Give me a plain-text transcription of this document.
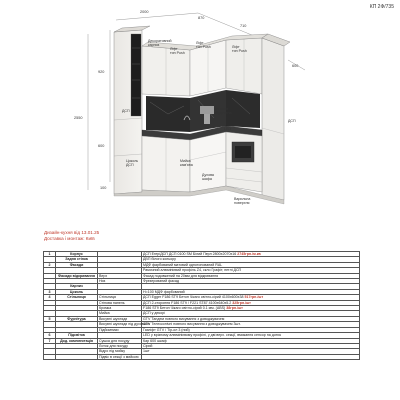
КП 2Ф/735
2000
870
710
600
2550
920
600
100
Декоративний
карниз
Ліфт
тип Push
Ліфт
тип Push	Ліфт
тип Push
ДСП
ДСП
Витяжка
вбудована
LED
Мийка
кам'яна
Духова
шафа
Варильна
поверхня
Цоколь
ДСП
Дизайн-кухня від 13.01.25
Доставка і монтаж: Київ
1	Корпус		ДСП Егер/ДСП ДСП 0100 SM Білий Перл 2800х2070х16 2745грн./м.кв
	Задня стінка		ДВП білого кольору
2	Фасади		МДФ фарбований матовий однотонований RAL
			Рамочний алюмінієвий профіль Z4, скло Графіт, петлі ДСП
	Фасади відкривання	Верх	Фасад подовжений на 20мм для відкривання
		Низ	Фрезерований фасад
	Карниз		
3	Цоколь		Н=100 МДФ фарбований
4	Стільниця	Стільниця	ДСП Egger F186 ST9 Бетон Чікаго світло-сірий 4100х600х38 517грн./шт
		Стінова панель	ДСП 2-стороння F186 ST9 / F221 ST87 4100х640х5.2 325грн./шт
		Кромка	F186 ST9 Бетон Чікаго світло-сірий 0.1 мм. (ABS) 38грн./шт
		Мийка	ДСП у декорі
5	Фурнітура	Висувні шухляди	GTV Тандем повного висування з доводжувачем
		Висувні шухляди під духовкою	GTV Телескопічні повного висування з доводжувачем 3шт.
		Підйомники	Газліфт GTV / Тір-ол 3 (ний)
6	Підсвітка		LED у врізному алюмінієвому профілі, у дві верх. секції, вмикання сенсор на дотик
7	Дод. комплектація	Сушка для посуду	Кар 600 шкаф
		Лоток для посуду	Сірий
		Відро під мийку	1шт
		Підвіс в секції з мийкою	
